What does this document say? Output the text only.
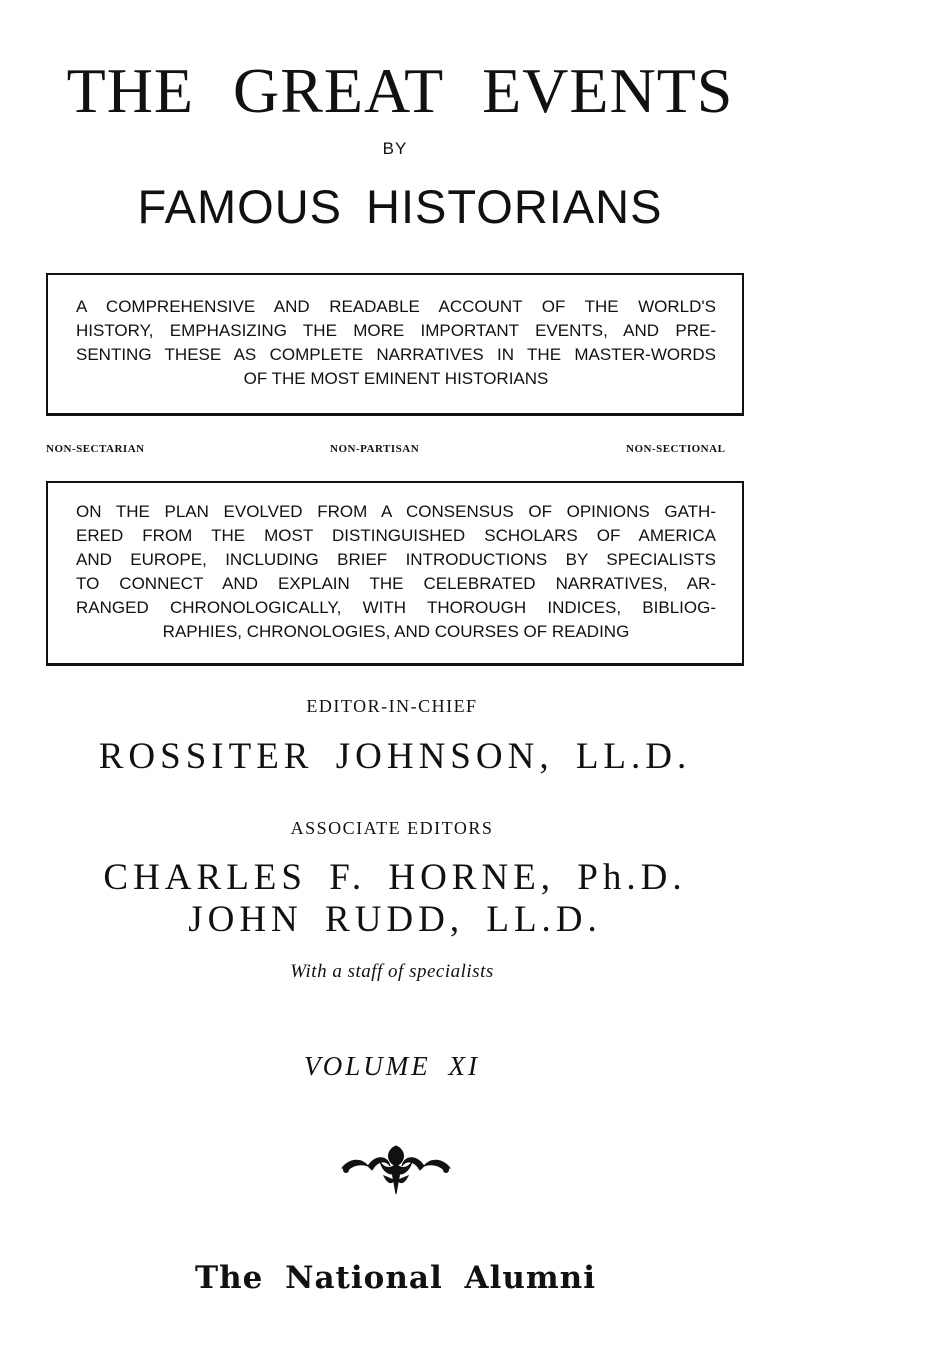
THE GREAT EVENTS
BY
FAMOUS HISTORIANS
A COMPREHENSIVE AND READABLE ACCOUNT OF THE WORLD'S
HISTORY, EMPHASIZING THE MORE IMPORTANT EVENTS, AND PRE-
SENTING THESE AS COMPLETE NARRATIVES IN THE MASTER-WORDS
OF THE MOST EMINENT HISTORIANS
NON-SECTARIAN	NON-PARTISAN	NON-SECTIONAL
ON THE PLAN EVOLVED FROM A CONSENSUS OF OPINIONS GATH-
ERED FROM THE MOST DISTINGUISHED SCHOLARS OF AMERICA
AND EUROPE, INCLUDING BRIEF INTRODUCTIONS BY SPECIALISTS
TO CONNECT AND EXPLAIN THE CELEBRATED NARRATIVES, AR-
RANGED CHRONOLOGICALLY, WITH THOROUGH INDICES, BIBLIOG-
RAPHIES, CHRONOLOGIES, AND COURSES OF READING
EDITOR-IN-CHIEF
ROSSITER JOHNSON, LL.D.
ASSOCIATE EDITORS
CHARLES F. HORNE, Ph.D.
JOHN RUDD, LL.D.
With a staff of specialists
VOLUME XI
The National Alumni
